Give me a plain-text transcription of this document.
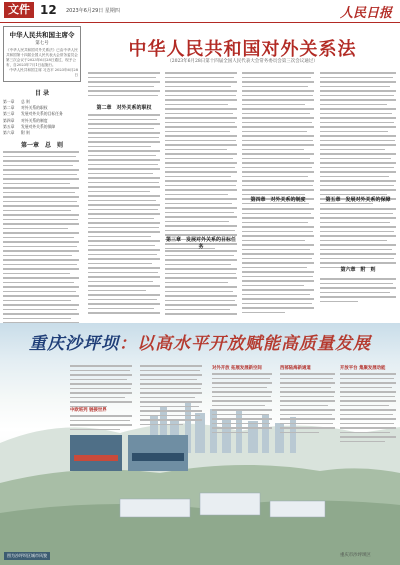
文件 12 2023年6月29日 星期四	人民日报
中华人民共和国主席令
第七号
《中华人民共和国对外关系法》已由中华人民共和国第十四届全国人民代表大会常务委员会第三次会议于2023年6月28日通过，现予公布，自2023年7月1日起施行。
中华人民共和国主席 习近平 2023年6月28日
目 录
第一章	总 则
第二章	对外关系的职权
第三章	发展对外关系的目标任务
第四章	对外关系的制度
第五章	发展对外关系的保障
第六章	附 则
第一章　总　则
中华人民共和国对外关系法
（2023年6月28日第十四届全国人民代表大会常务委员会第三次会议通过）
第二章　对外关系的职权
第三章　发展对外关系的目标任务
第四章　对外关系的制度	第五章　发展对外关系的保障
第六章　附　则
重庆沙坪坝：以高水平开放赋能高质量发展
中欧班列 链接世界
对外开放 拓展发展新空间	西部陆海新通道	开放平台 集聚发展动能
图为沙坪坝区城市风貌	重庆市沙坪坝区
